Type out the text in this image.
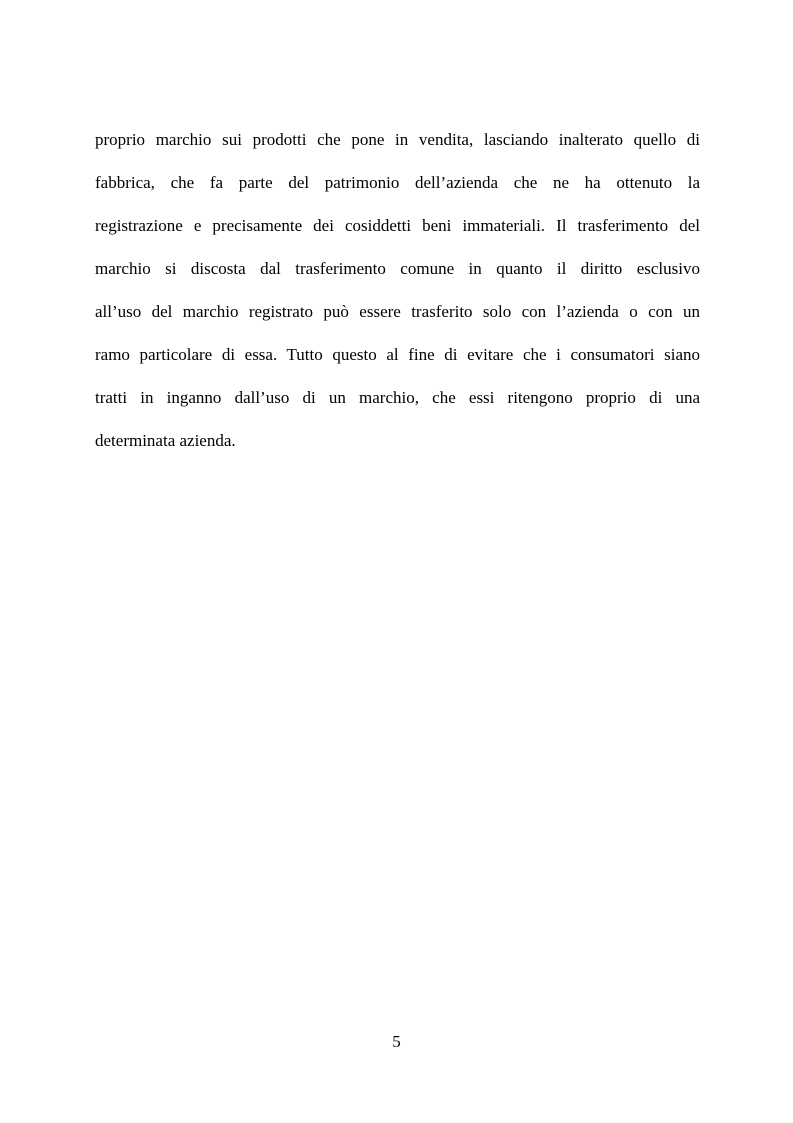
proprio marchio sui prodotti che pone in vendita, lasciando inalterato quello di
fabbrica, che fa parte del patrimonio dell’azienda che ne ha ottenuto la
registrazione e precisamente dei cosiddetti beni immateriali. Il trasferimento del
marchio si discosta dal trasferimento comune in quanto il diritto esclusivo
all’uso del marchio registrato può essere trasferito solo con l’azienda o con un
ramo particolare di essa. Tutto questo al fine di evitare che i consumatori siano
tratti in inganno dall’uso di un marchio, che essi ritengono proprio di una
determinata azienda.
5
